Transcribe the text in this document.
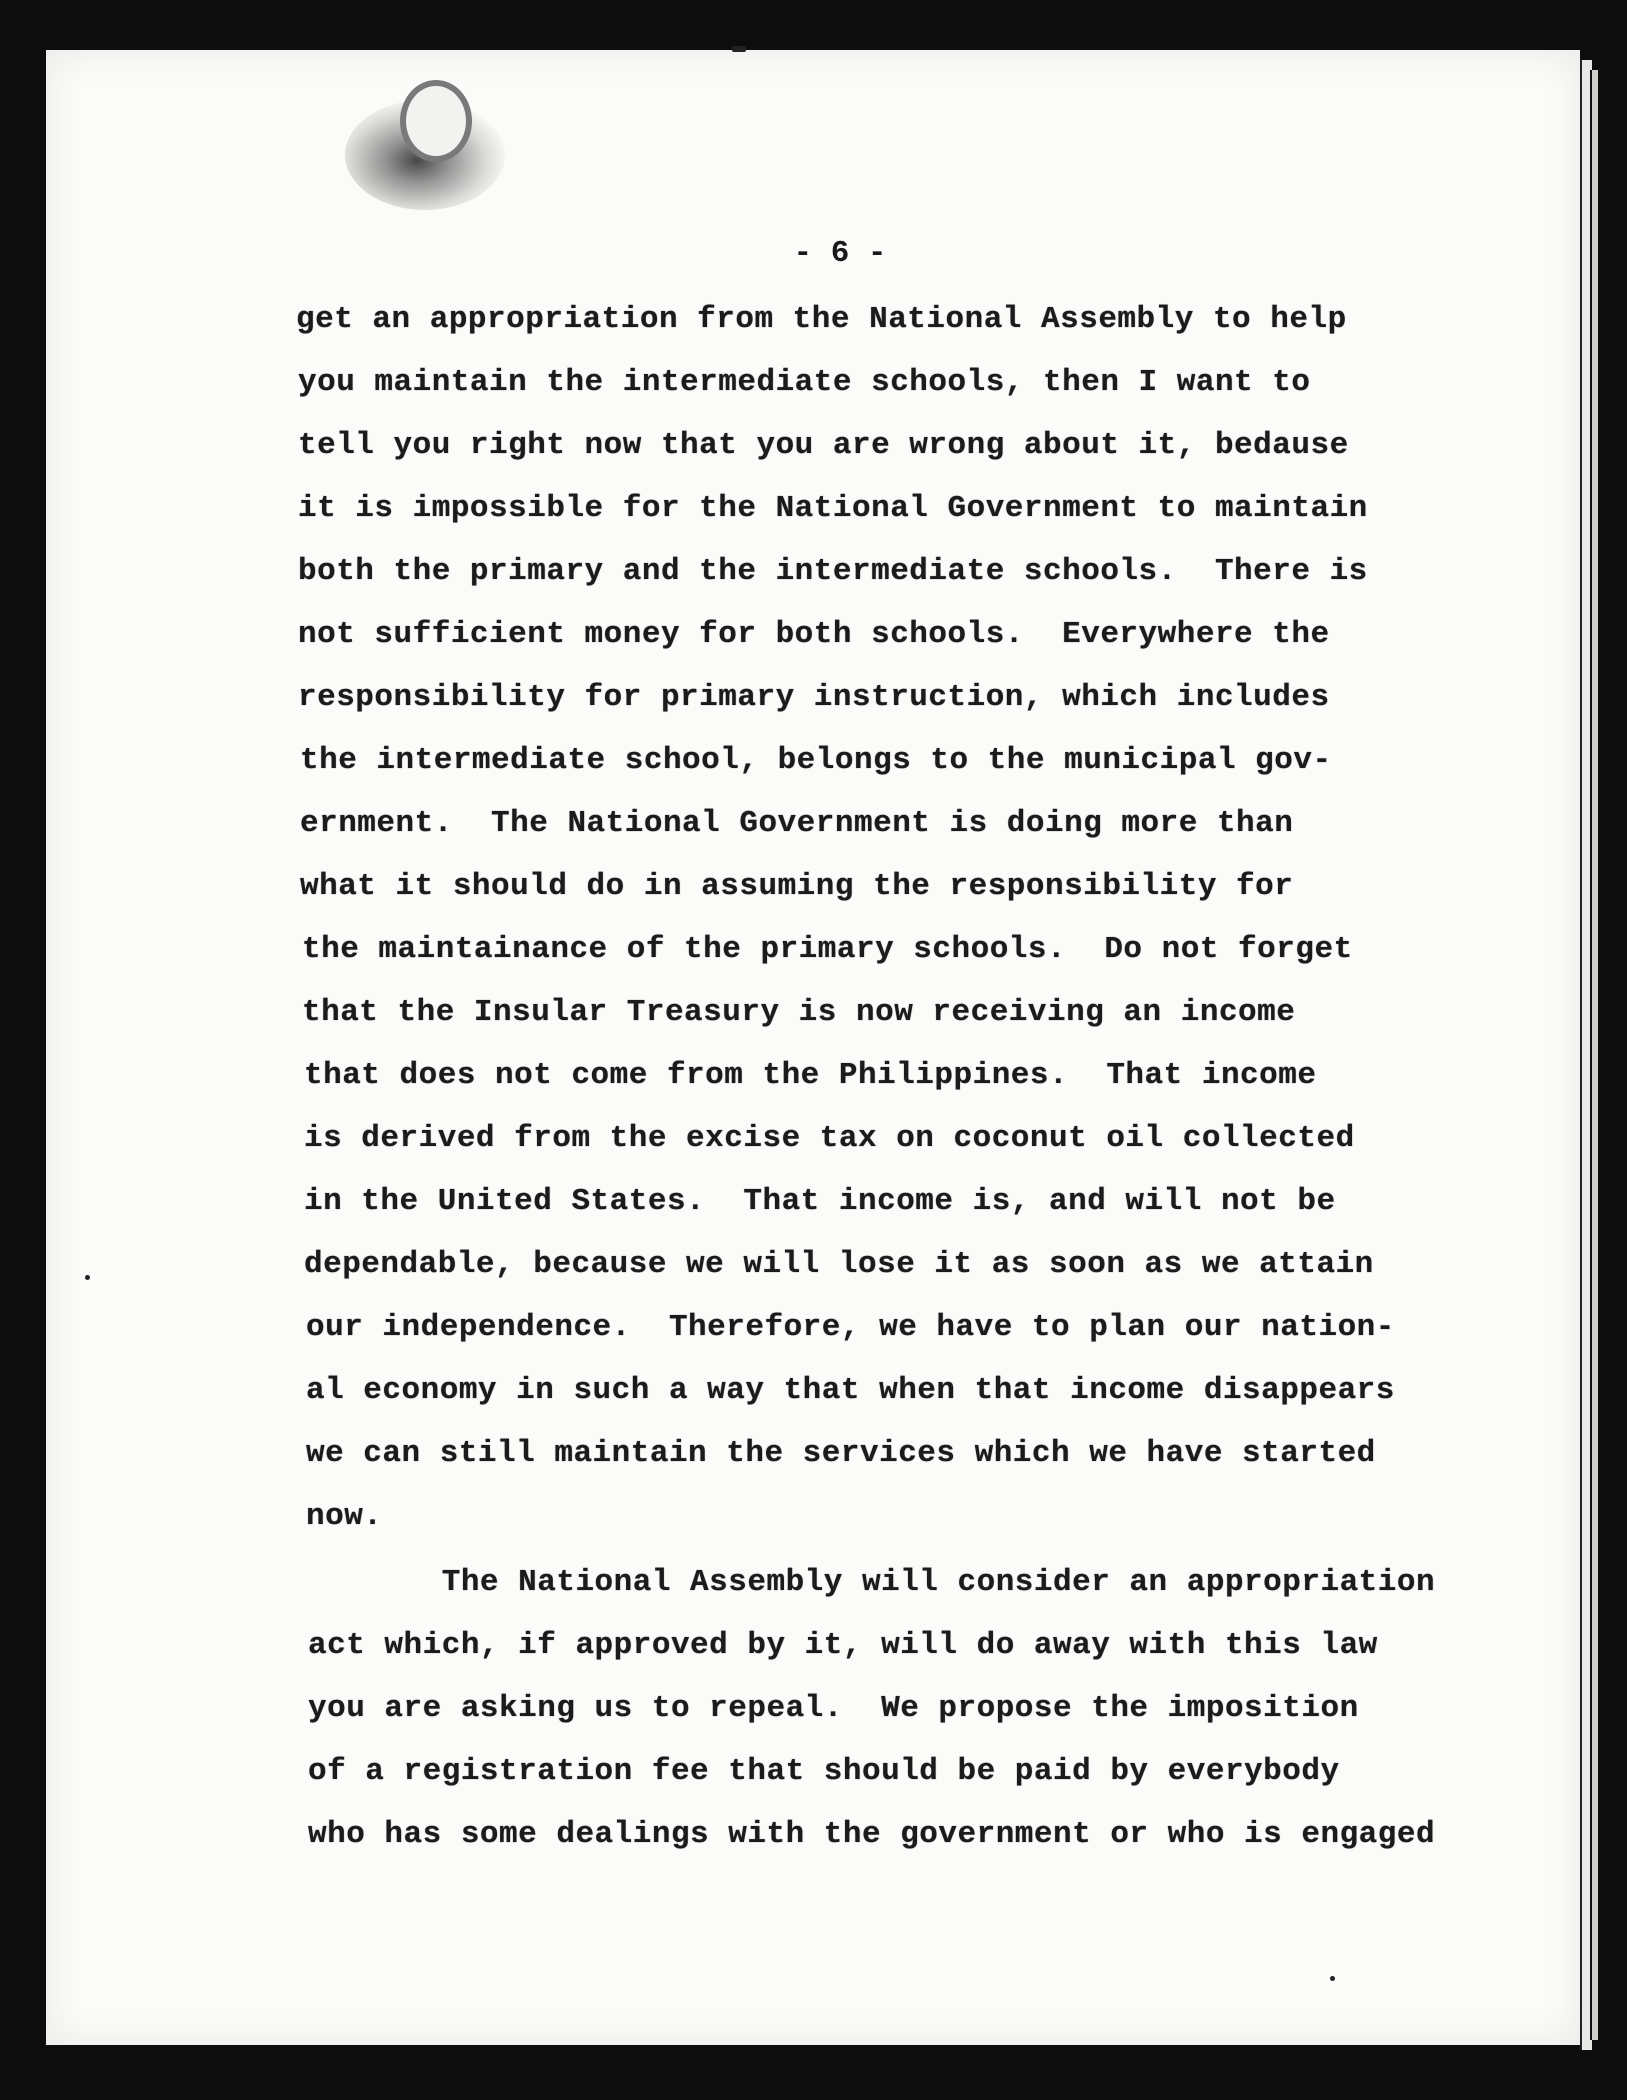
- 6 -
get an appropriation from the National Assembly to help
you maintain the intermediate schools, then I want to
tell you right now that you are wrong about it, bedause
it is impossible for the National Government to maintain
both the primary and the intermediate schools.  There is
not sufficient money for both schools.  Everywhere the
responsibility for primary instruction, which includes
the intermediate school, belongs to the municipal gov-
ernment.  The National Government is doing more than
what it should do in assuming the responsibility for
the maintainance of the primary schools.  Do not forget
that the Insular Treasury is now receiving an income
that does not come from the Philippines.  That income
is derived from the excise tax on coconut oil collected
in the United States.  That income is, and will not be
dependable, because we will lose it as soon as we attain
our independence.  Therefore, we have to plan our nation-
al economy in such a way that when that income disappears
we can still maintain the services which we have started
now.
The National Assembly will consider an appropriation
act which, if approved by it, will do away with this law
you are asking us to repeal.  We propose the imposition
of a registration fee that should be paid by everybody
who has some dealings with the government or who is engaged
